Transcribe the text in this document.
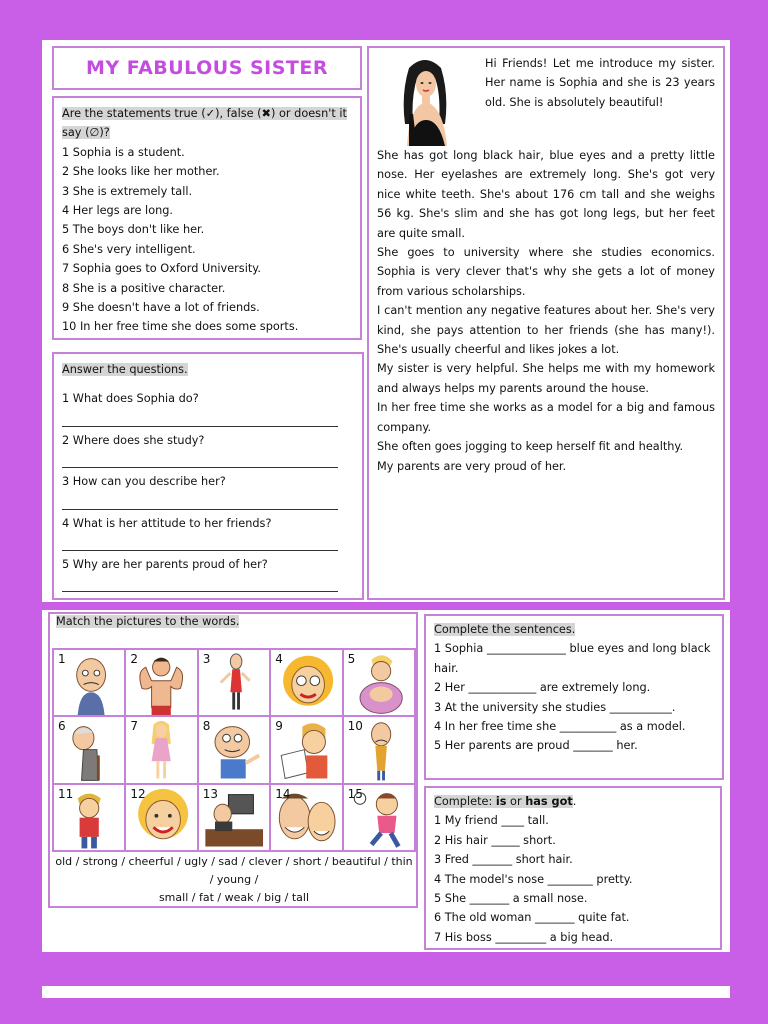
MY FABULOUS SISTER
Are the statements true (✓), false (✖) or doesn't it say (∅)?
1 Sophia is a student.
2 She looks like her mother.
3 She is extremely tall.
4 Her legs are long.
5 The boys don't like her.
6 She's very intelligent.
7 Sophia goes to Oxford University.
8 She is a positive character.
9 She doesn't have a lot of friends.
10 In her free time she does some sports.
Answer the questions.
1 What does Sophia do?
2 Where does she study?
3 How can you describe her?
4 What is her attitude to her friends?
5 Why are her parents proud of her?
Hi Friends! Let me introduce my sister. Her name is Sophia and she is 23 years old. She is absolutely beautiful!
She has got long black hair, blue eyes and a pretty little nose. Her eyelashes are extremely long. She's got very nice white teeth. She's about 176 cm tall and she weighs 56 kg. She's slim and she has got long legs, but her feet are quite small.
She goes to university where she studies economics. Sophia is very clever that's why she gets a lot of money from various scholarships.
I can't mention any negative features about her. She's very kind, she pays attention to her friends (she has many!). She's usually cheerful and likes jokes a lot.
My sister is very helpful. She helps me with my homework and always helps my parents around the house.
In her free time she works as a model for a big and famous company.
She often goes jogging to keep herself fit and healthy.
My parents are very proud of her.
Match the pictures to the words.
1	2	3	4	5
6	7	8	9	10
11	12	13	14	15
old / strong / cheerful / ugly / sad / clever / short / beautiful / thin / young /
small / fat / weak / big / tall
Complete the sentences.
1 Sophia ______________ blue eyes and long black hair.
2 Her ____________ are extremely long.
3 At the university she studies ___________.
4 In her free time she __________ as a model.
5 Her parents are proud _______ her.
Complete: is or has got.
1 My friend ____ tall.
2 His hair _____ short.
3 Fred _______ short hair.
4 The model's nose ________ pretty.
5 She _______ a small nose.
6 The old woman _______ quite fat.
7 His boss _________ a big head.
